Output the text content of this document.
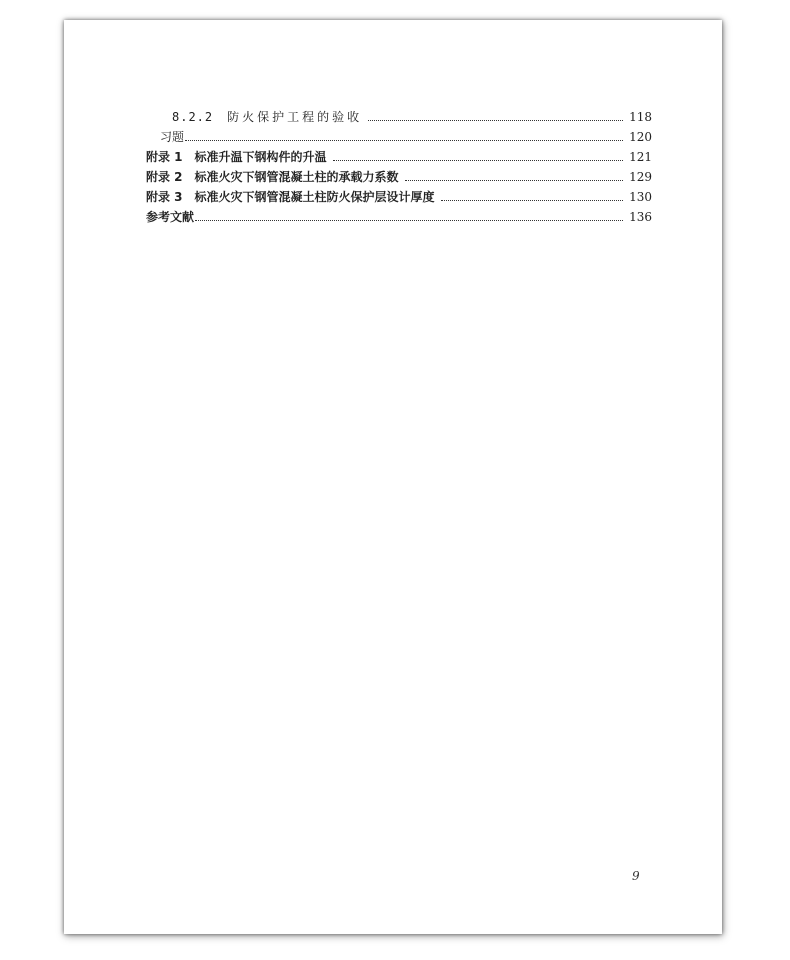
8.2.2 防火保护工程的验收	118
习题	120
附录 1 标准升温下钢构件的升温	121
附录 2 标准火灾下钢管混凝土柱的承载力系数	129
附录 3 标准火灾下钢管混凝土柱防火保护层设计厚度	130
参考文献	136
9
